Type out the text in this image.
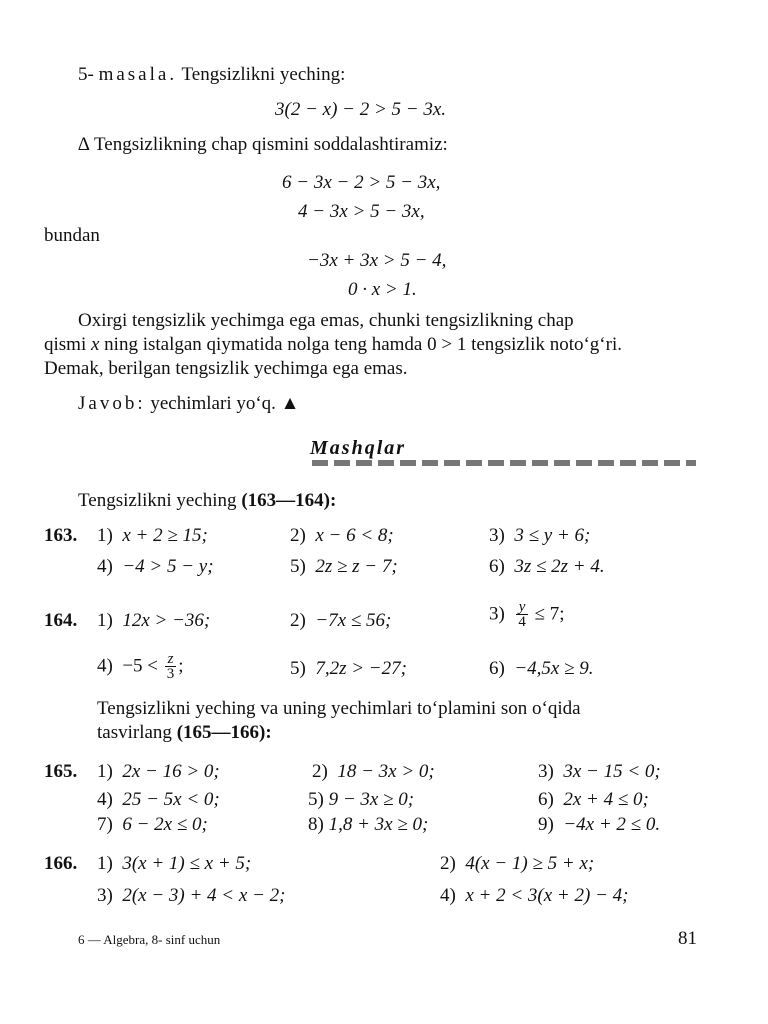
5- masala. Tengsizlikni yeching:
3(2 − x) − 2 > 5 − 3x.
∆ Tengsizlikning chap qismini soddalashtiramiz:
6 − 3x − 2 > 5 − 3x,
4 − 3x > 5 − 3x,
bundan
−3x + 3x > 5 − 4,
0 · x > 1.
Oxirgi tengsizlik yechimga ega emas, chunki tengsizlikning chap
qismi x ning istalgan qiymatida nolga teng hamda 0 > 1 tengsizlik noto‘g‘ri.
Demak, berilgan tengsizlik yechimga ega emas.
Javob: yechimlari yo‘q. ▲
Mashqlar
Tengsizlikni yeching (163—164):
163. 1) x + 2 ≥ 15;	2) x − 6 < 8;	3) 3 ≤ y + 6;
4) −4 > 5 − y;	5) 2z ≥ z − 7;	6) 3z ≤ 2z + 4.
164. 1) 12x > −36;	2) −7x ≤ 56;	$3) \frac{y}{4} \le 7$;
$4) -5 < \frac{z}{3}$ ;	5) 7,2z > −27;	6) −4,5x ≥ 9.
Tengsizlikni yeching va uning yechimlari to‘plamini son o‘qida
tasvirlang (165—166):
165. 1) 2x − 16 > 0;	2) 18 − 3x > 0;	3) 3x − 15 < 0;
4) 25 − 5x < 0;	5) 9 − 3x ≥ 0;	6) 2x + 4 ≤ 0;
7) 6 − 2x ≤ 0;	8) 1,8 + 3x ≥ 0;	9) −4x + 2 ≤ 0.
166. 1) 3(x + 1) ≤ x + 5;	2) 4(x − 1) ≥ 5 + x;
3) 2(x − 3) + 4 < x − 2;	4) x + 2 < 3(x + 2) − 4;
6 — Algebra, 8- sinf uchun	81
